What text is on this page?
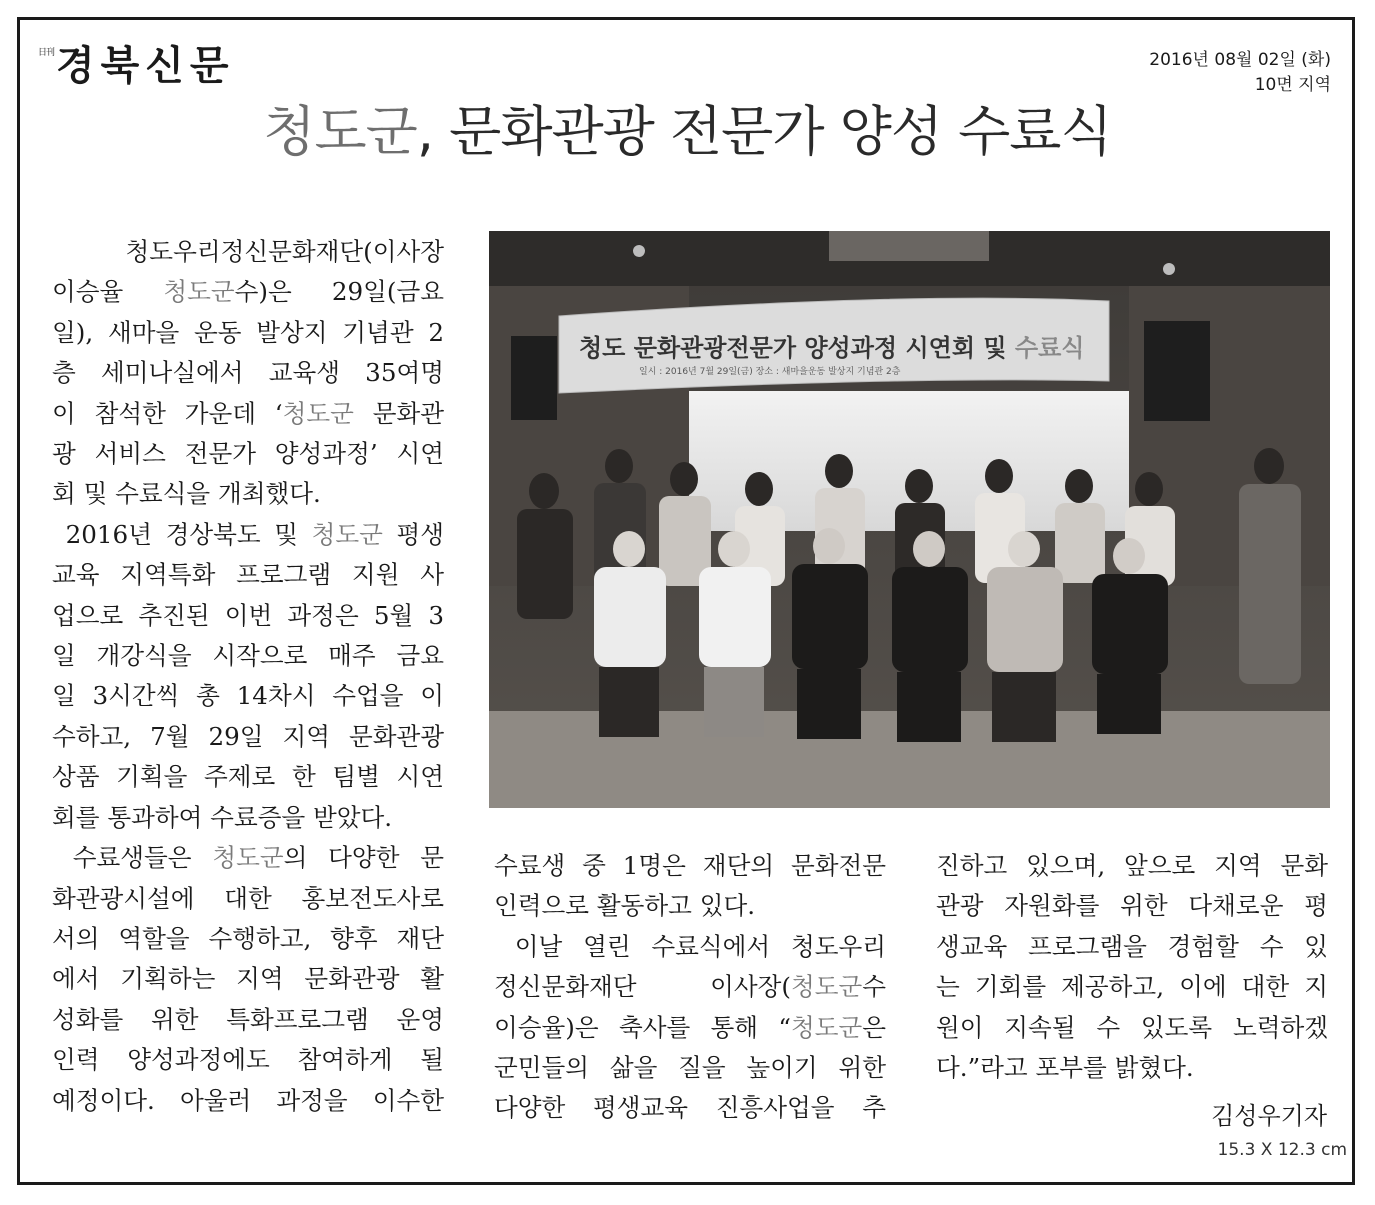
日刊 경북신문	2016년 08월 02일 (화)
10면 지역
청도군, 문화관광 전문가 양성 수료식
청도우리정신문화재단(이사장
이승율 청도군수)은 29일(금요
일), 새마을 운동 발상지 기념관 2
층 세미나실에서 교육생 35여명
이 참석한 가운데 ‘청도군 문화관
광 서비스 전문가 양성과정’ 시연
회 및 수료식을 개최했다.
2016년 경상북도 및 청도군 평생
교육 지역특화 프로그램 지원 사
업으로 추진된 이번 과정은 5월 3
일 개강식을 시작으로 매주 금요
일 3시간씩 총 14차시 수업을 이
수하고, 7월 29일 지역 문화관광
상품 기획을 주제로 한 팀별 시연
회를 통과하여 수료증을 받았다.
수료생들은 청도군의 다양한 문
화관광시설에 대한 홍보전도사로
서의 역할을 수행하고, 향후 재단
에서 기획하는 지역 문화관광 활
성화를 위한 특화프로그램 운영
인력 양성과정에도 참여하게 될
예정이다. 아울러 과정을 이수한
청도 문화관광전문가 양성과정 시연회 및 수료식
일시 : 2016년 7월 29일(금) 장소 : 새마을운동 발상지 기념관 2층
수료생 중 1명은 재단의 문화전문
인력으로 활동하고 있다.
이날 열린 수료식에서 청도우리
정신문화재단 이사장(청도군수
이승율)은 축사를 통해 “청도군은
군민들의 삶을 질을 높이기 위한
다양한 평생교육 진흥사업을 추
진하고 있으며, 앞으로 지역 문화
관광 자원화를 위한 다채로운 평
생교육 프로그램을 경험할 수 있
는 기회를 제공하고, 이에 대한 지
원이 지속될 수 있도록 노력하겠
다.”라고 포부를 밝혔다.
김성우기자
15.3 X 12.3 cm
